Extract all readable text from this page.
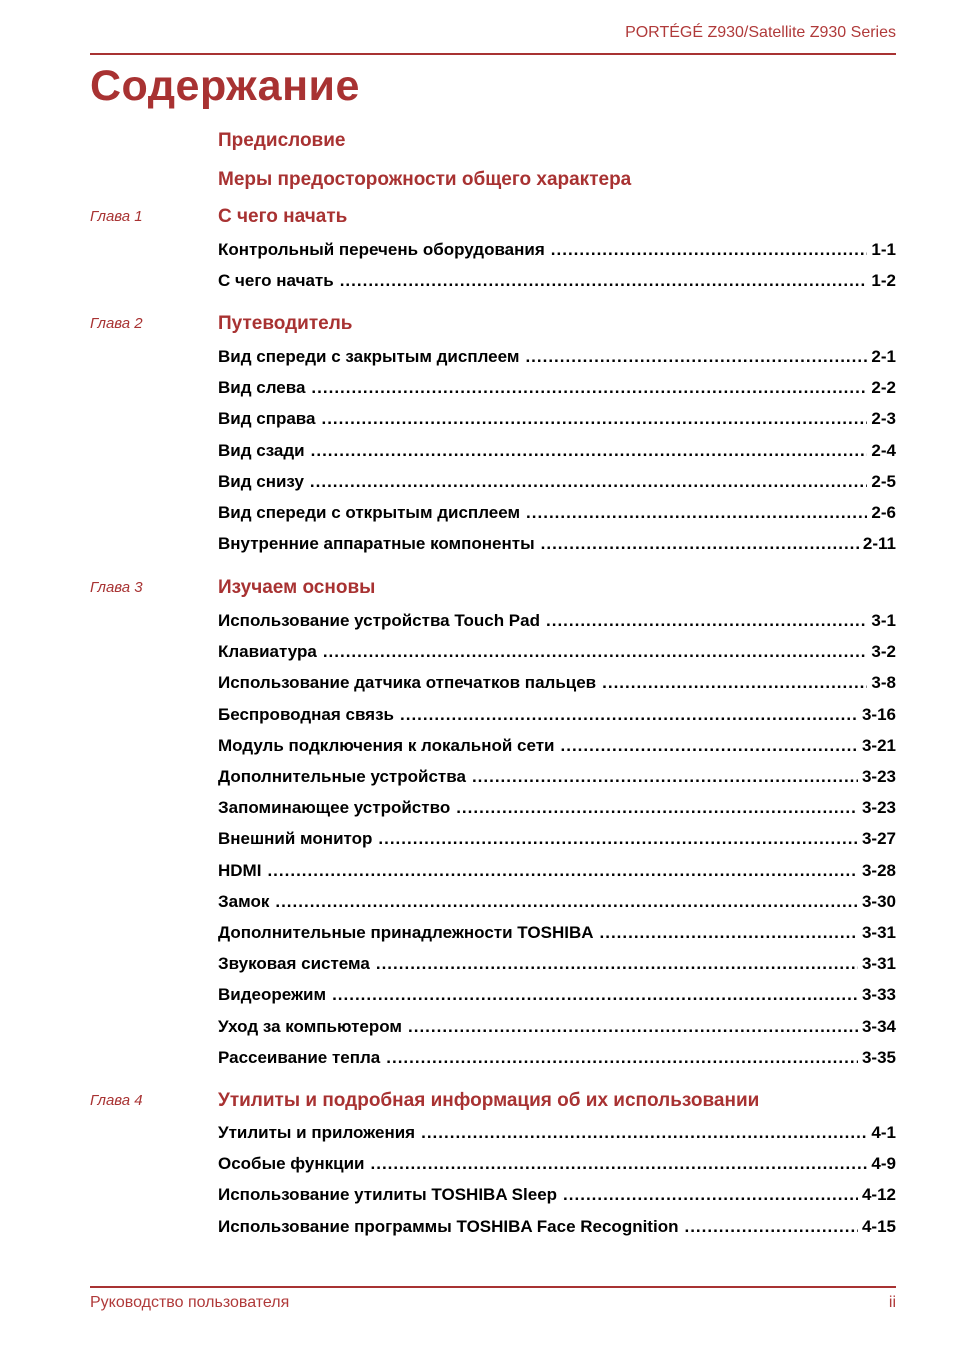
PORTÉGÉ Z930/Satellite Z930 Series
Содержание
Предисловие
Меры предосторожности общего характера
Глава 1	С чего начать
Контрольный перечень оборудования .....	1-1
С чего начать .....	1-2
Глава 2	Путеводитель
Вид спереди с закрытым дисплеем .....	2-1
Вид слева .....	2-2
Вид справа .....	2-3
Вид сзади .....	2-4
Вид снизу .....	2-5
Вид спереди с открытым дисплеем .....	2-6
Внутренние аппаратные компоненты .....	2-11
Глава 3	Изучаем основы
Использование устройства Touch Pad .....	3-1
Клавиатура .....	3-2
Использование датчика отпечатков пальцев .....	3-8
Беспроводная связь .....	3-16
Модуль подключения к локальной сети .....	3-21
Дополнительные устройства .....	3-23
Запоминающее устройство .....	3-23
Внешний монитор .....	3-27
HDMI .....	3-28
Замок .....	3-30
Дополнительные принадлежности TOSHIBA .....	3-31
Звуковая система .....	3-31
Видеорежим .....	3-33
Уход за компьютером .....	3-34
Рассеивание тепла .....	3-35
Глава 4	Утилиты и подробная информация об их использовании
Утилиты и приложения .....	4-1
Особые функции .....	4-9
Использование утилиты TOSHIBA Sleep .....	4-12
Использование программы TOSHIBA Face Recognition .....	4-15
Руководство пользователя	ii
